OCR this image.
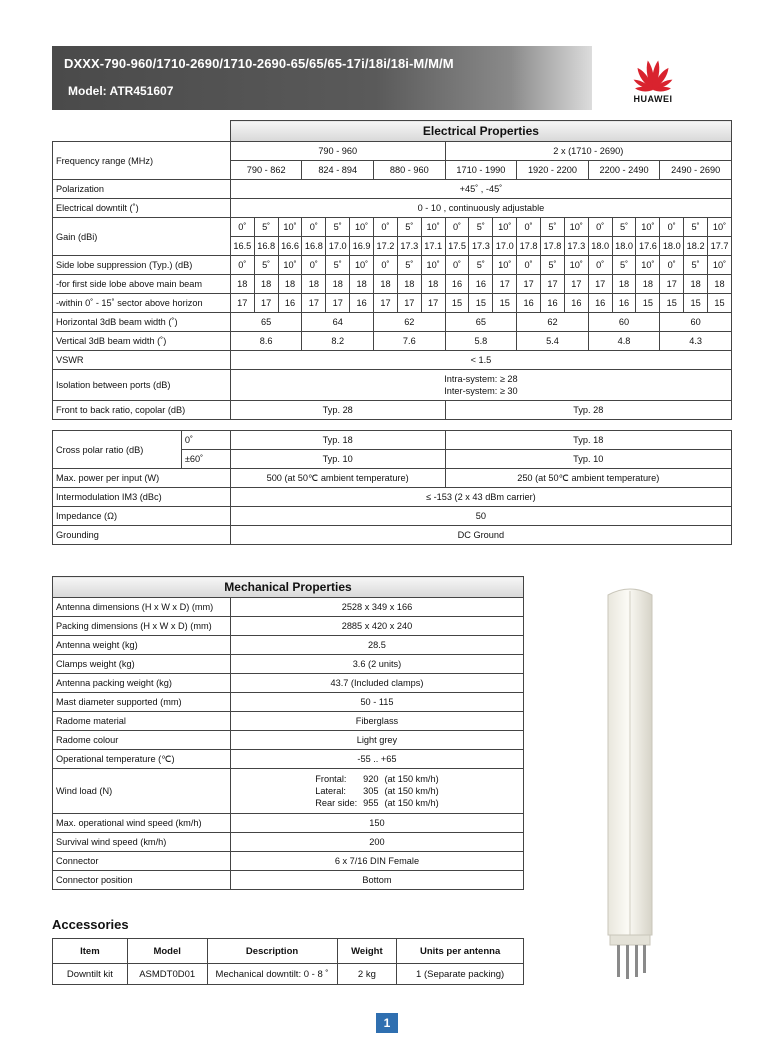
DXXX-790-960/1710-2690/1710-2690-65/65/65-17i/18i/18i-M/M/M
Model: ATR451607
HUAWEI
	Electrical Properties																				
Frequency range (MHz)	790 - 960									2 x (1710 - 2690)											
	790 - 862			824 - 894			880 - 960			1710 - 1990			1920 - 2200			2200 - 2490			2490 - 2690		
Polarization	+45˚ , -45˚																				
Electrical downtilt (˚)	0 - 10 , continuously adjustable																				
Gain (dBi)	0˚	5˚	10˚	0˚	5˚	10˚	0˚	5˚	10˚	0˚	5˚	10˚	0˚	5˚	10˚	0˚	5˚	10˚	0˚	5˚	10˚
	16.5	16.8	16.6	16.8	17.0	16.9	17.2	17.3	17.1	17.5	17.3	17.0	17.8	17.8	17.3	18.0	18.0	17.6	18.0	18.2	17.7
Side lobe suppression (Typ.) (dB)	0˚	5˚	10˚	0˚	5˚	10˚	0˚	5˚	10˚	0˚	5˚	10˚	0˚	5˚	10˚	0˚	5˚	10˚	0˚	5˚	10˚
-for first side lobe above main beam	18	18	18	18	18	18	18	18	18	16	16	17	17	17	17	17	18	18	17	18	18
-within 0˚ - 15˚ sector above horizon	17	17	16	17	17	16	17	17	17	15	15	15	16	16	16	16	16	15	15	15	15
Horizontal 3dB beam width (˚)	65			64			62			65			62			60			60		
Vertical 3dB beam width (˚)	8.6			8.2			7.6			5.8			5.4			4.8			4.3		
VSWR	< 1.5																				
Isolation between ports (dB)	Intra-system: ≥ 28
Inter-system: ≥ 30																				

Front to back ratio, copolar (dB)	Typ. 28									Typ. 28											
Cross polar ratio (dB)	0˚	Typ. 18	Typ. 18
	±60˚	Typ. 10	Typ. 10
Max. power per input (W)		500 (at 50℃ ambient temperature)	250 (at 50℃ ambient temperature)
Intermodulation IM3 (dBc)		≤ -153 (2 x 43 dBm carrier)	
Impedance (Ω)		50	
Grounding		DC Ground	
Mechanical Properties
Antenna dimensions (H x W x D) (mm)	2528 x 349 x 166
Packing dimensions (H x W x D) (mm)	2885 x 420 x 240
Antenna weight (kg)	28.5
Clamps weight (kg)	3.6 (2 units)
Antenna packing weight (kg)	43.7 (Included clamps)
Mast diameter supported (mm)	50 - 115
Radome material	Fiberglass
Radome colour	Light grey
Operational temperature (℃)	-55 .. +65
Wind load (N)	
Frontal:	920	(at 150 km/h)
Lateral:	305	(at 150 km/h)
Rear side:	955	(at 150 km/h)

Max. operational wind speed (km/h)	150
Survival wind speed (km/h)	200
Connector	6 x 7/16 DIN Female
Connector position	Bottom
Accessories
Item	Model	Description	Weight	Units per antenna
Downtilt kit	ASMDT0D01	Mechanical downtilt: 0 - 8 ˚	2 kg	1 (Separate packing)
1
